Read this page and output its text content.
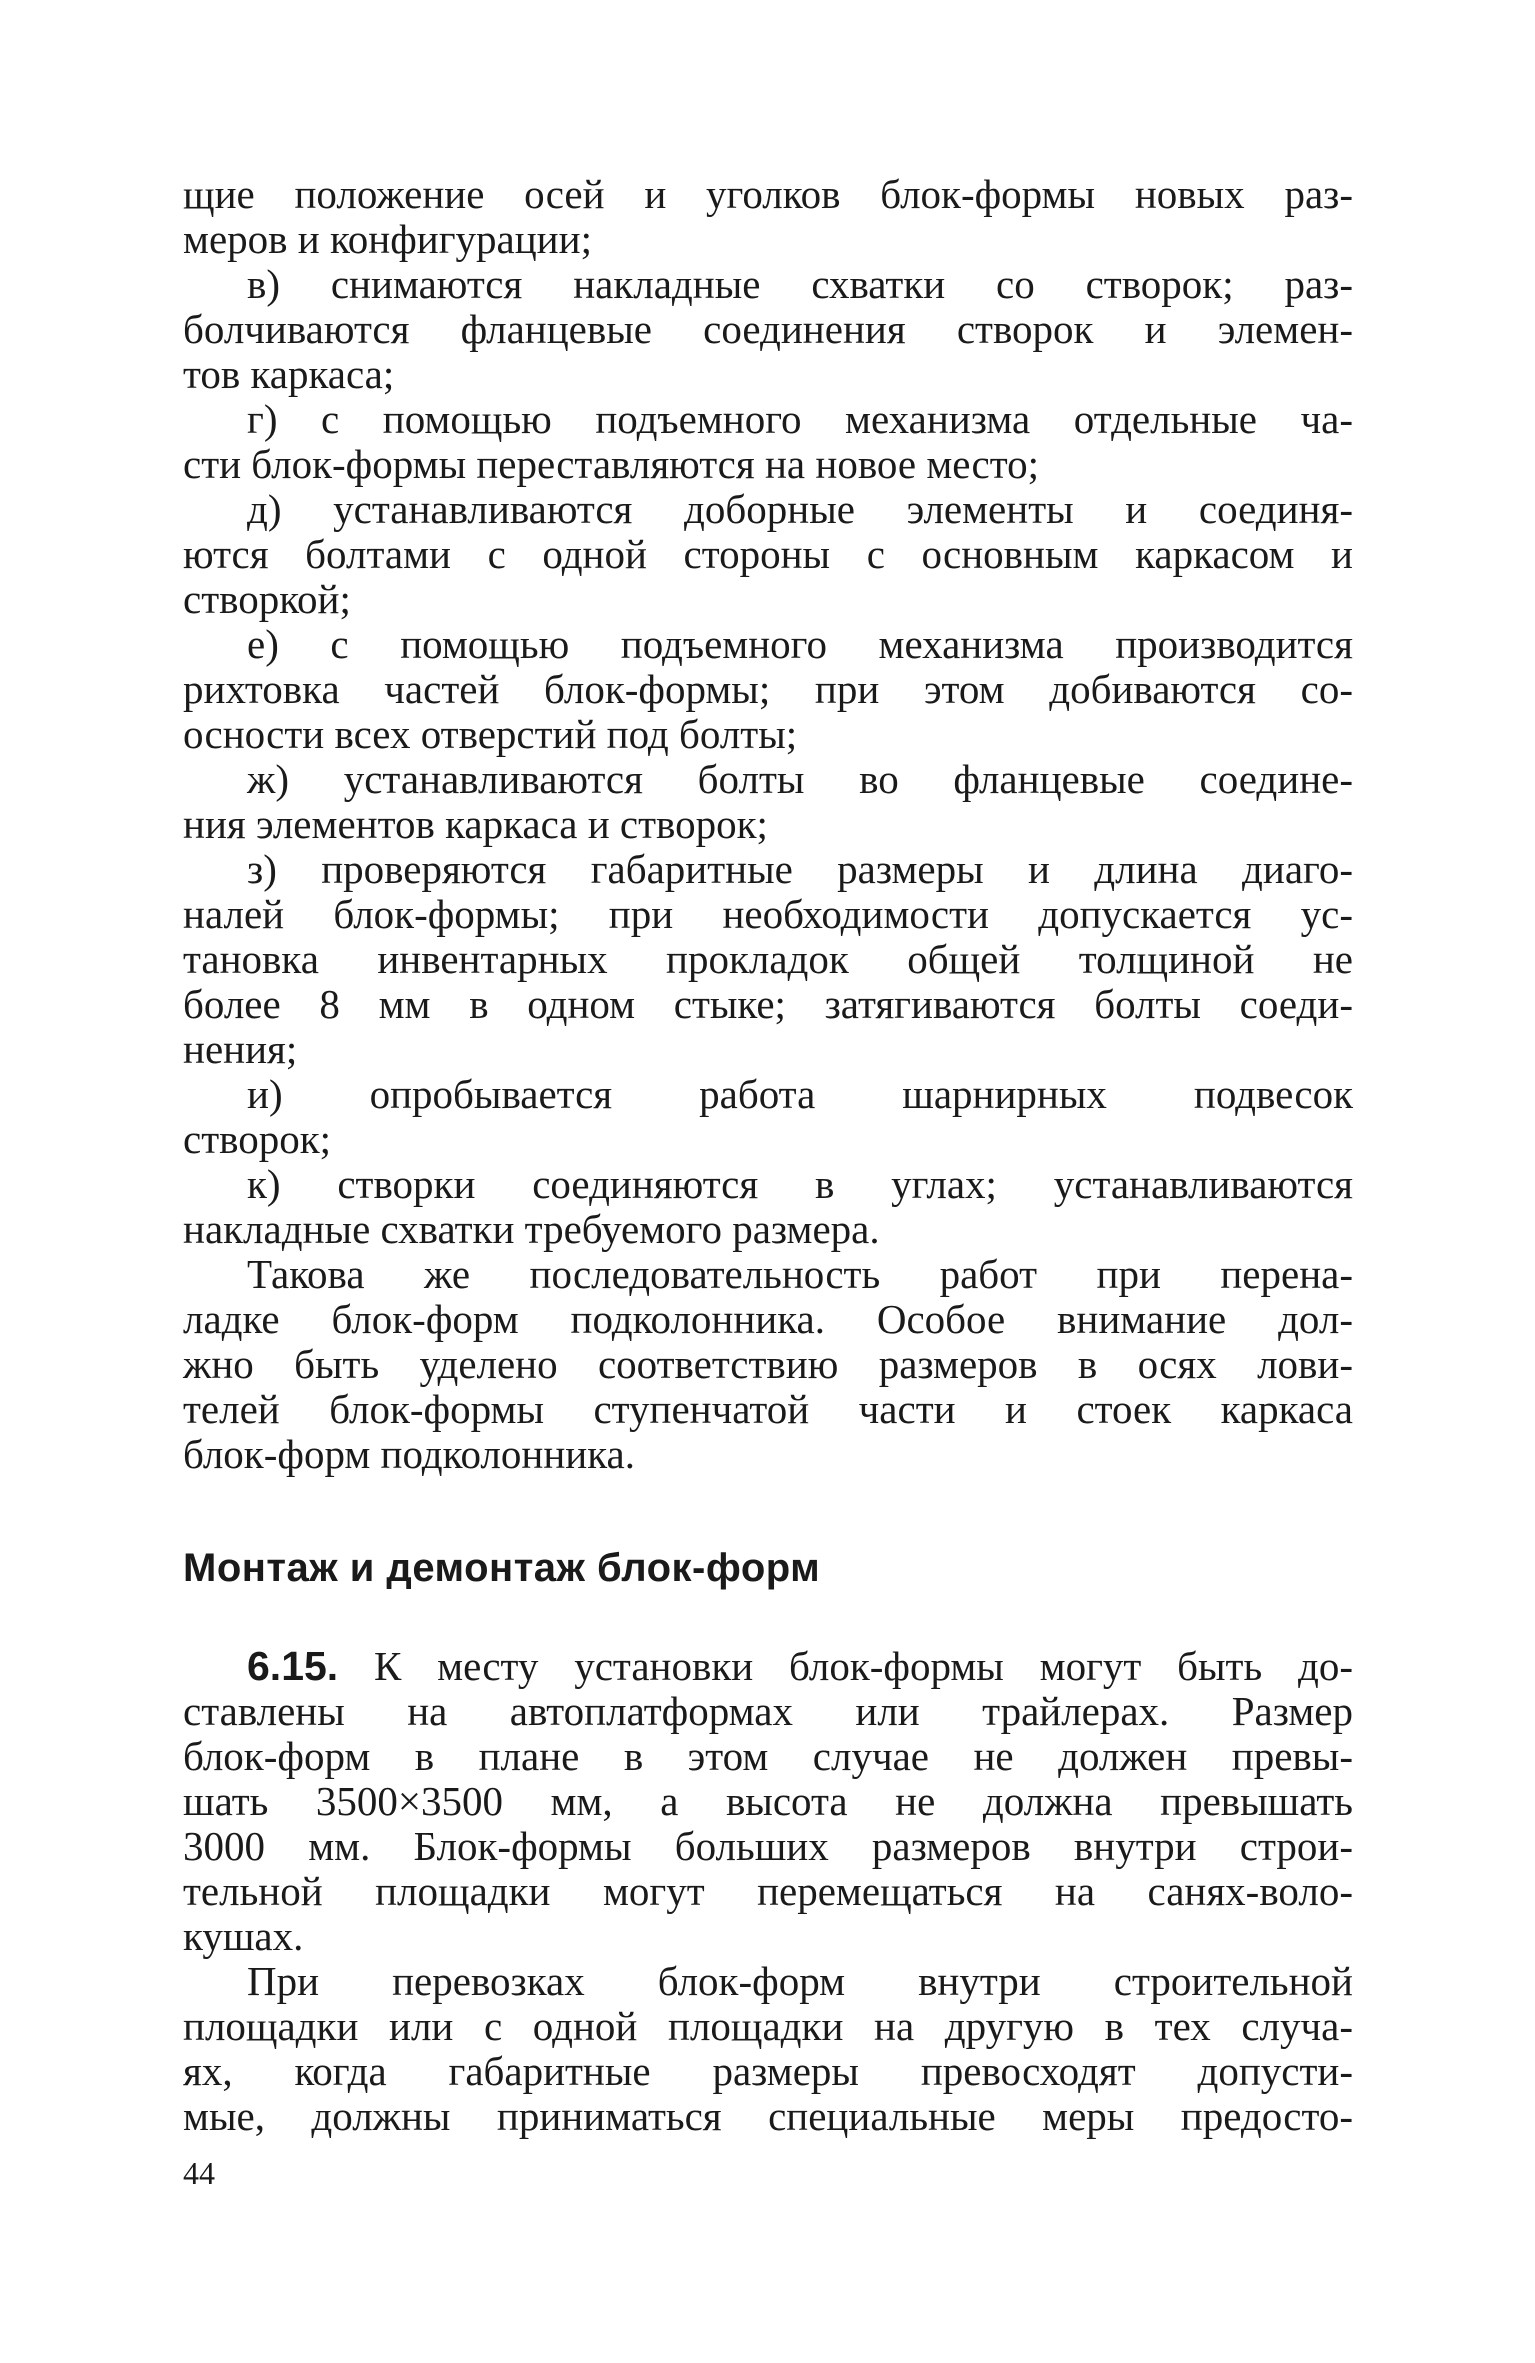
щие положение осей и уголков блок-формы новых раз-
меров и конфигурации;
в) снимаются накладные схватки со створок; раз-
болчиваются фланцевые соединения створок и элемен-
тов каркаса;
г) с помощью подъемного механизма отдельные ча-
сти блок-формы переставляются на новое место;
д) устанавливаются доборные элементы и соединя-
ются болтами с одной стороны с основным каркасом и
створкой;
е) с помощью подъемного механизма производится
рихтовка частей блок-формы; при этом добиваются со-
осности всех отверстий под болты;
ж) устанавливаются болты во фланцевые соедине-
ния элементов каркаса и створок;
з) проверяются габаритные размеры и длина диаго-
налей блок-формы; при необходимости допускается ус-
тановка инвентарных прокладок общей толщиной не
более 8 мм в одном стыке; затягиваются болты соеди-
нения;
и) опробывается работа шарнирных подвесок
створок;
к) створки соединяются в углах; устанавливаются
накладные схватки требуемого размера.
Такова же последовательность работ при перена-
ладке блок-форм подколонника. Особое внимание дол-
жно быть уделено соответствию размеров в осях лови-
телей блок-формы ступенчатой части и стоек каркаса
блок-форм подколонника.
Монтаж и демонтаж блок-форм
6.15. К месту установки блок-формы могут быть до-
ставлены на автоплатформах или трайлерах. Размер
блок-форм в плане в этом случае не должен превы-
шать 3500×3500 мм, а высота не должна превышать
3000 мм. Блок-формы больших размеров внутри строи-
тельной площадки могут перемещаться на санях-воло-
кушах.
При перевозках блок-форм внутри строительной
площадки или с одной площадки на другую в тех случа-
ях, когда габаритные размеры превосходят допусти-
мые, должны приниматься специальные меры предосто-
44
